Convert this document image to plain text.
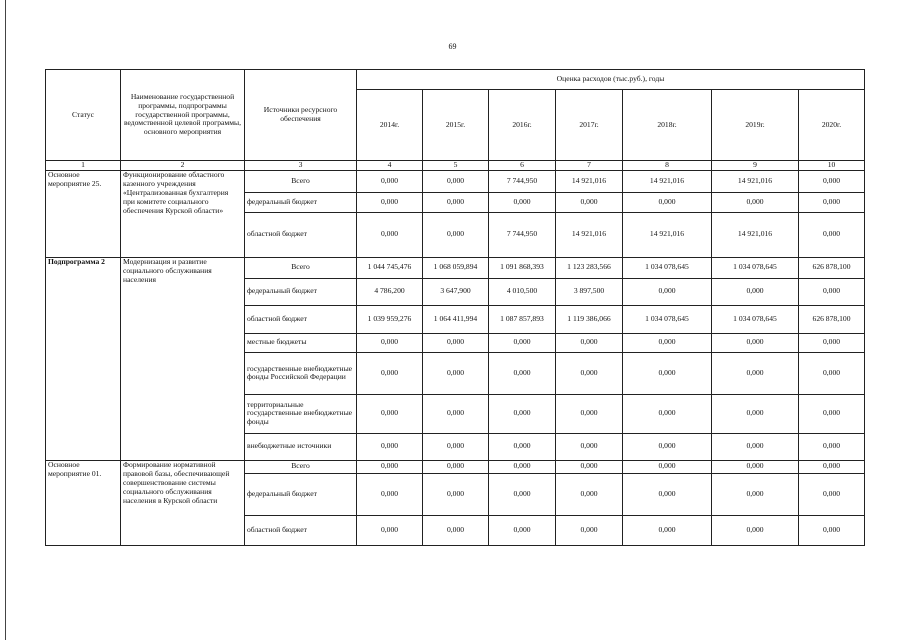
69
Статус	Наименование государственной программы, подпрограммы государственной программы, ведомственной целевой программы, основного мероприятия	Источники ресурсного обеспечения	Оценка расходов (тыс.руб.), годы						
			2014г.	2015г.	2016г.	2017г.	2018г.	2019г.	2020г.
1	2	3	4	5	6	7	8	9	10
Основное мероприятие 25.	Функционирование областного казенного учреждения «Централизованная бухгалтерия при комитете социального обеспечения Курской области»	Всего	0,000	0,000	7 744,950	14 921,016	14 921,016	14 921,016	0,000
		федеральный бюджет	0,000	0,000	0,000	0,000	0,000	0,000	0,000
		областной бюджет	0,000	0,000	7 744,950	14 921,016	14 921,016	14 921,016	0,000
Подпрограмма 2	Модернизация и развитие социального обслуживания населения	Всего	1 044 745,476	1 068 059,894	1 091 868,393	1 123 283,566	1 034 078,645	1 034 078,645	626 878,100
		федеральный бюджет	4 786,200	3 647,900	4 010,500	3 897,500	0,000	0,000	0,000
		областной бюджет	1 039 959,276	1 064 411,994	1 087 857,893	1 119 386,066	1 034 078,645	1 034 078,645	626 878,100
		местные бюджеты	0,000	0,000	0,000	0,000	0,000	0,000	0,000
		государственные внебюджетные фонды Российской Федерации	0,000	0,000	0,000	0,000	0,000	0,000	0,000
		территориальные государственные внебюджетные фонды	0,000	0,000	0,000	0,000	0,000	0,000	0,000
		внебюджетные источники	0,000	0,000	0,000	0,000	0,000	0,000	0,000
Основное мероприятие 01.	Формирование нормативной правовой базы, обеспечивающей совершенствование системы социального обслуживания населения в Курской области	Всего	0,000	0,000	0,000	0,000	0,000	0,000	0,000
		федеральный бюджет	0,000	0,000	0,000	0,000	0,000	0,000	0,000
		областной бюджет	0,000	0,000	0,000	0,000	0,000	0,000	0,000
